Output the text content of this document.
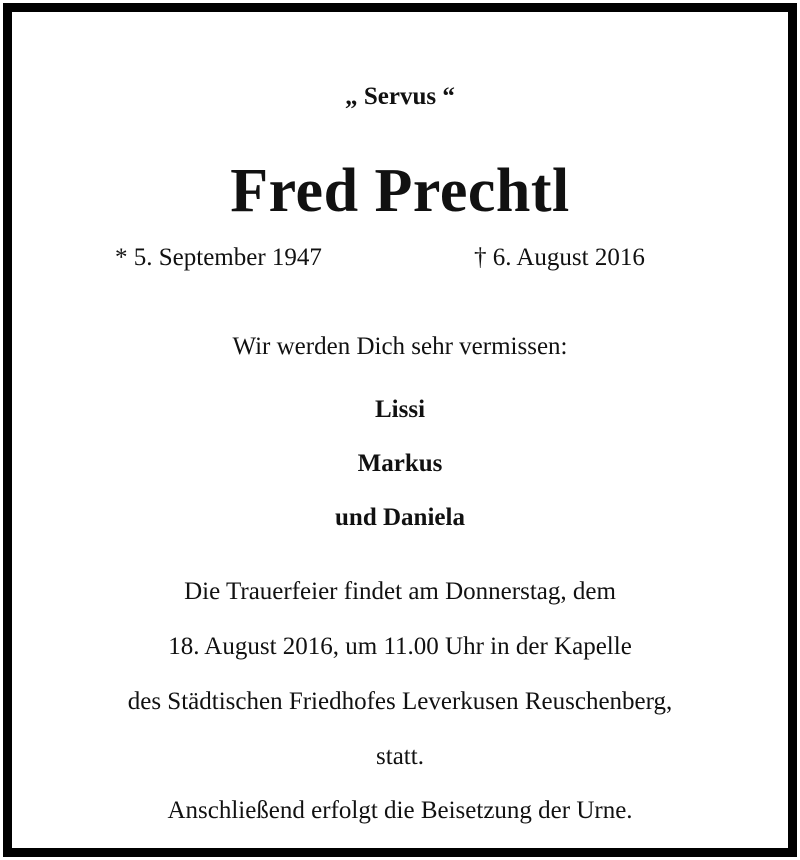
„ Servus “
Fred Prechtl
* 5. September 1947	† 6. August 2016
Wir werden Dich sehr vermissen:
Lissi
Markus
und Daniela
Die Trauerfeier findet am Donnerstag, dem
18. August 2016, um 11.00 Uhr in der Kapelle
des Städtischen Friedhofes Leverkusen Reuschenberg,
statt.
Anschließend erfolgt die Beisetzung der Urne.
